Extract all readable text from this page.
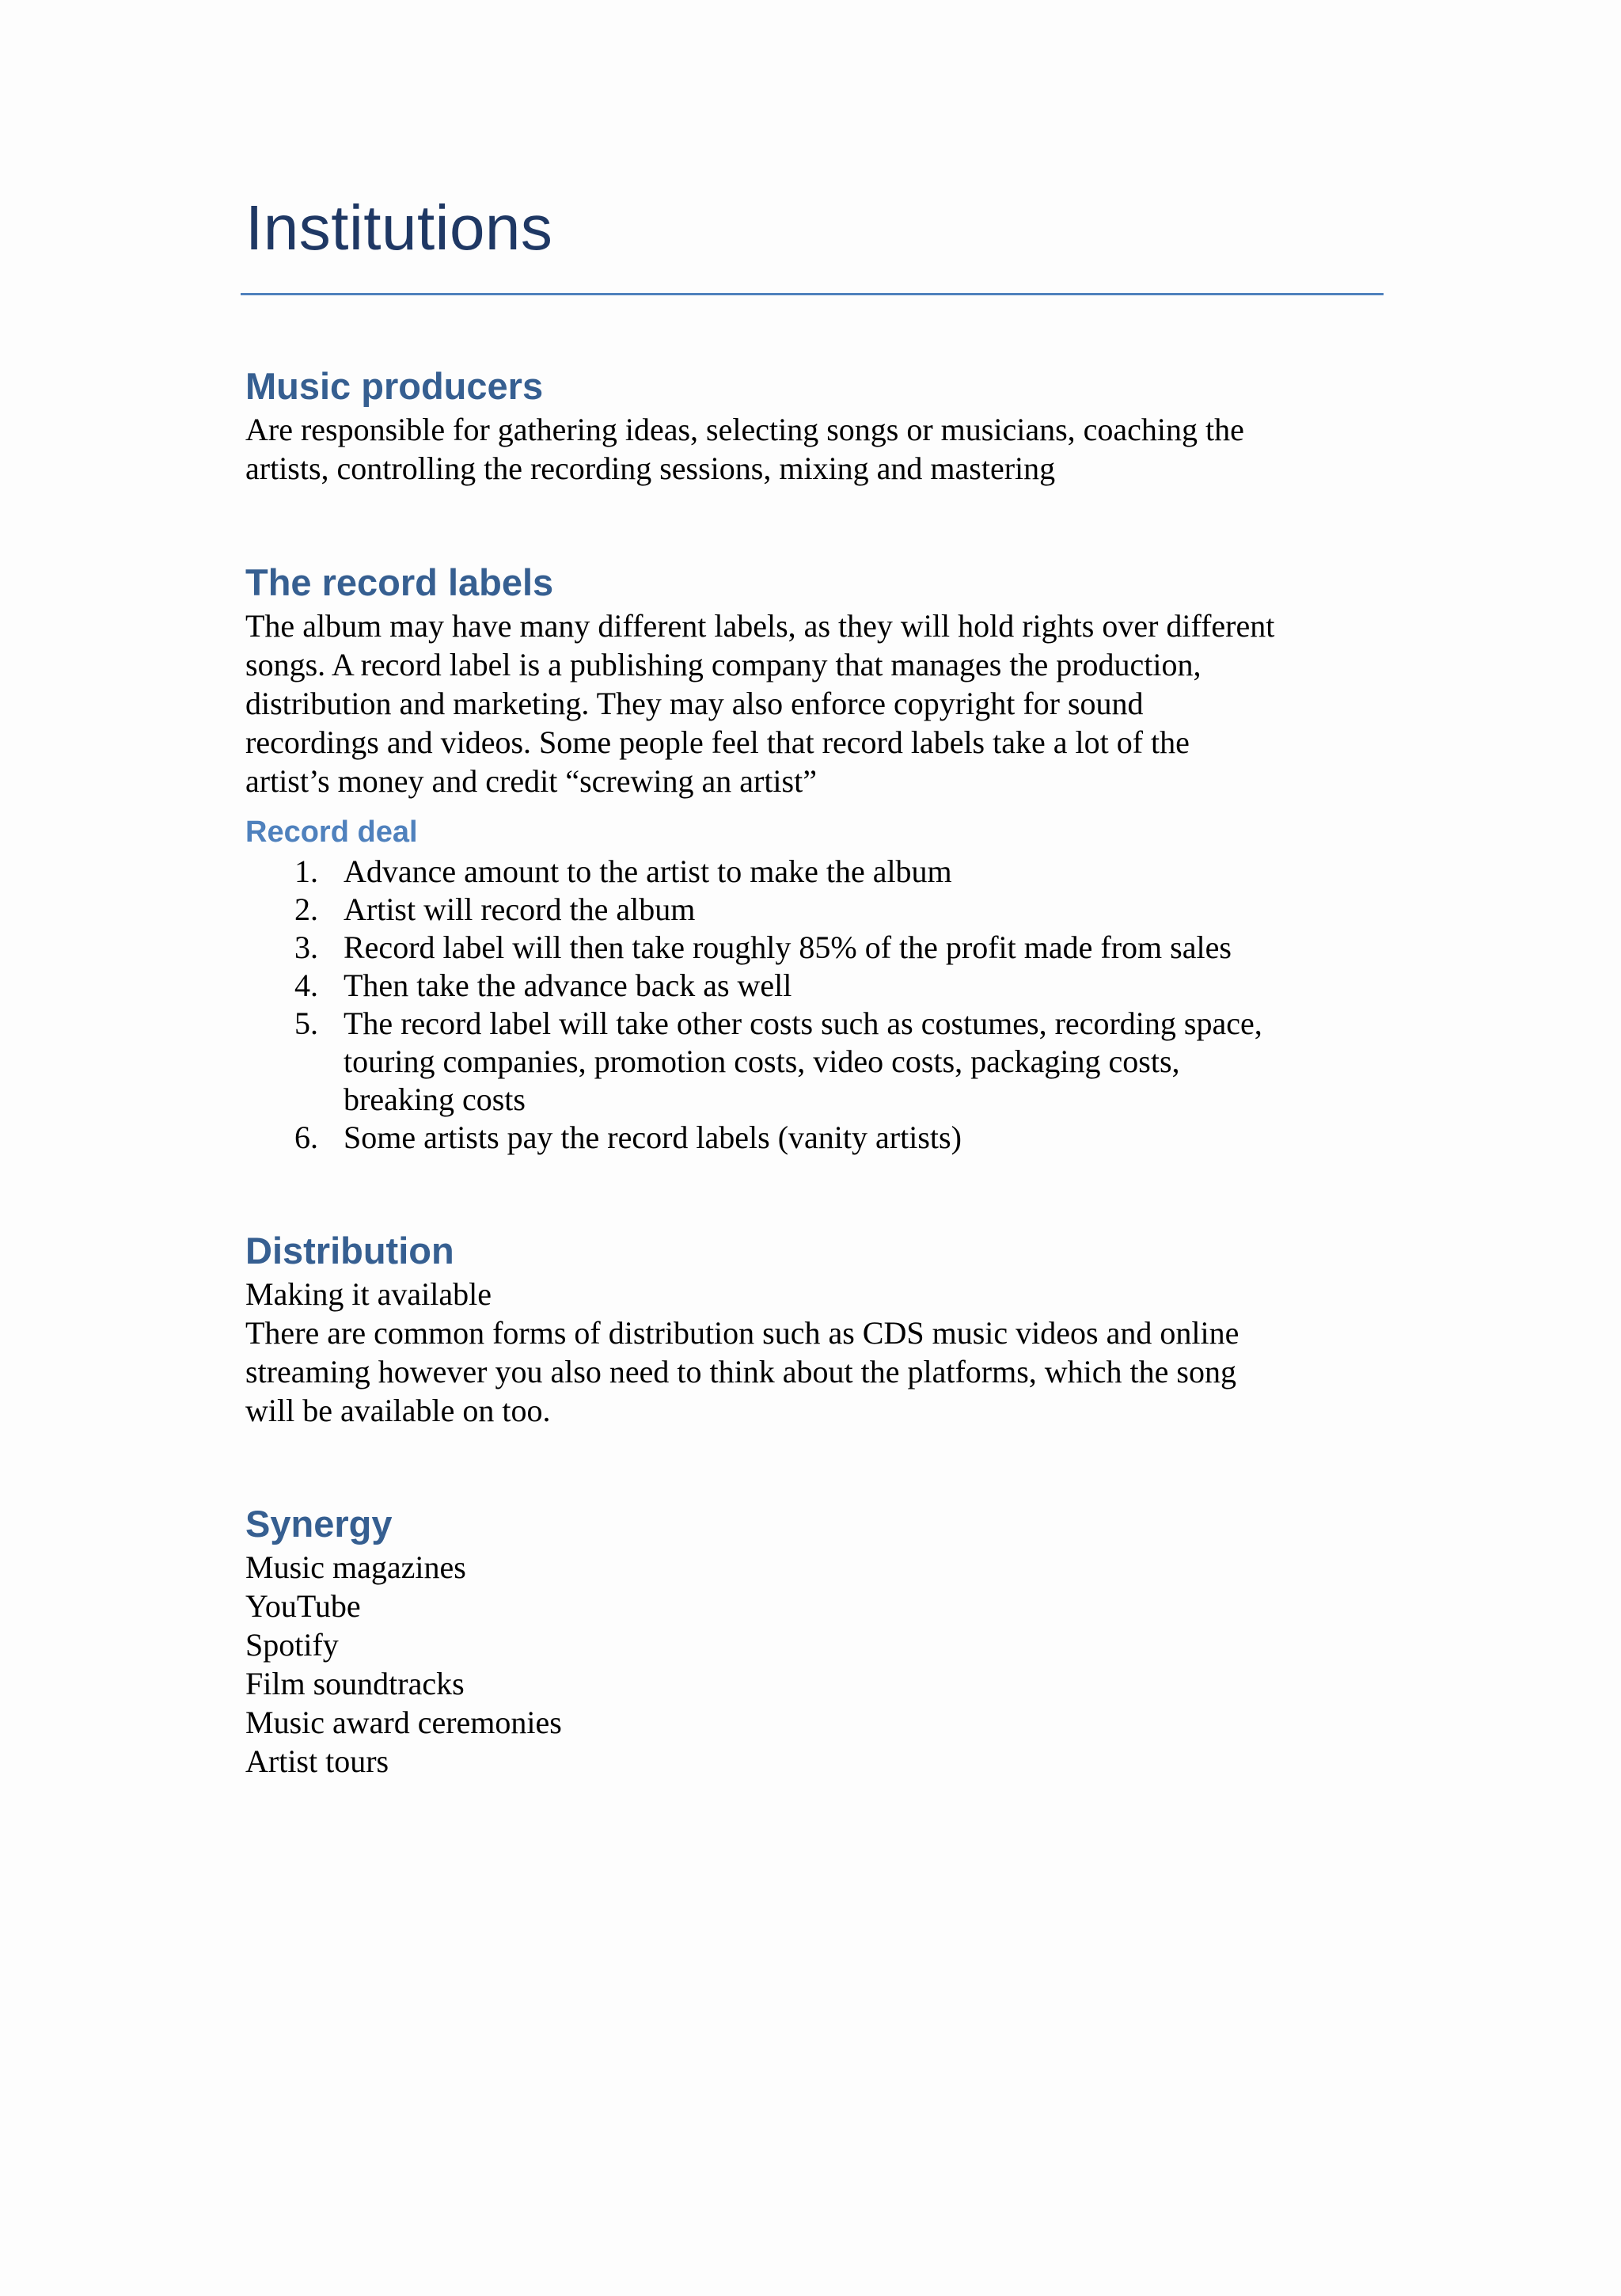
Institutions
Music producers
Are responsible for gathering ideas, selecting songs or musicians, coaching the
artists, controlling the recording sessions, mixing and mastering
The record labels
The album may have many different labels, as they will hold rights over different
songs. A record label is a publishing company that manages the production,
distribution and marketing. They may also enforce copyright for sound
recordings and videos. Some people feel that record labels take a lot of the
artist’s money and credit “screwing an artist”
Record deal
1. Advance amount to the artist to make the album
2. Artist will record the album
3. Record label will then take roughly 85% of the profit made from sales
4. Then take the advance back as well
5. The record label will take other costs such as costumes, recording space,
touring companies, promotion costs, video costs, packaging costs,
breaking costs
6. Some artists pay the record labels (vanity artists)
Distribution
Making it available
There are common forms of distribution such as CDS music videos and online
streaming however you also need to think about the platforms, which the song
will be available on too.
Synergy
Music magazines
YouTube
Spotify
Film soundtracks
Music award ceremonies
Artist tours
